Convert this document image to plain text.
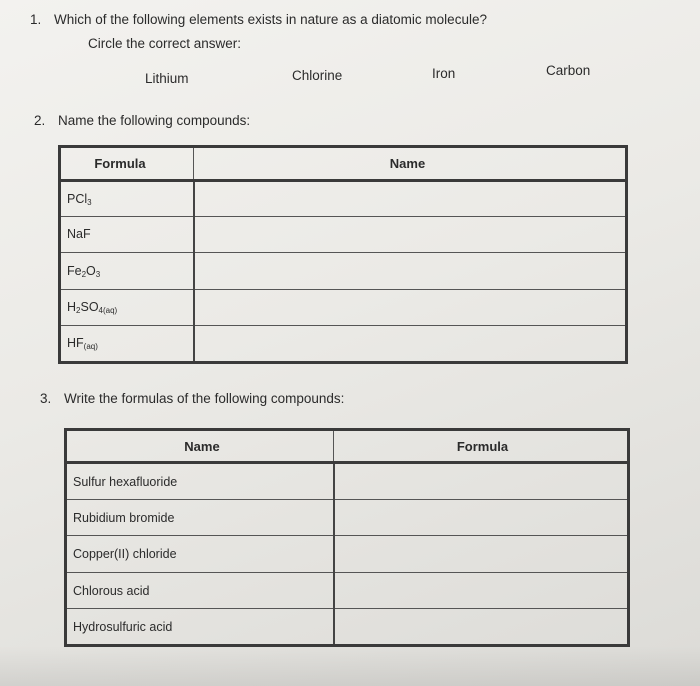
1. Which of the following elements exists in nature as a diatomic molecule?
Circle the correct answer:
Lithium	Chlorine	Iron	Carbon
2. Name the following compounds:
Formula	Name
PCl$_3$	
NaF	
$Fe_2O_3$	
$H_2SO_{4(aq)}$	
$HF_{(aq)}$	
3. Write the formulas of the following compounds:
Name	Formula
Sulfur hexafluoride	
Rubidium bromide	
Copper(II) chloride	
Chlorous acid	
Hydrosulfuric acid	
